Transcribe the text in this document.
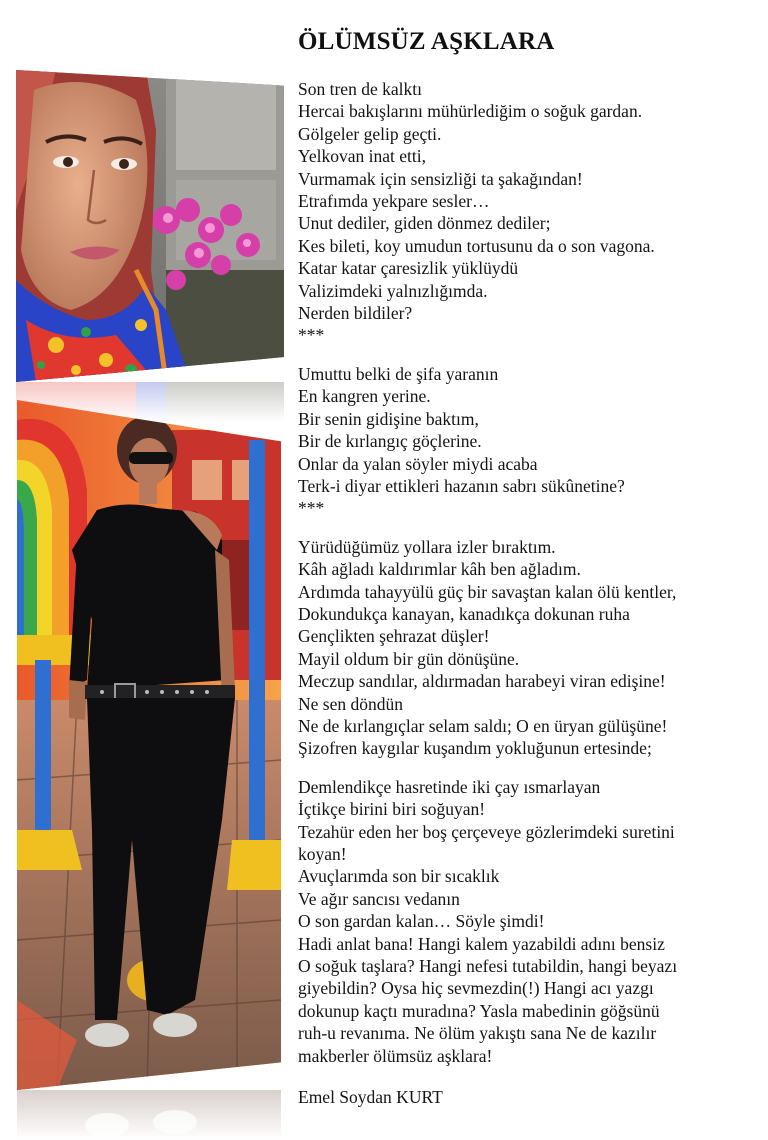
ÖLÜMSÜZ AŞKLARA
Son tren de kalktı
Hercai bakışlarını mühürlediğim o soğuk gardan.
Gölgeler gelip geçti.
Yelkovan inat etti,
Vurmamak için sensizliği ta şakağından!
Etrafımda yekpare sesler…
Unut dediler, giden dönmez dediler;
Kes bileti, koy umudun tortusunu da o son vagona.
Katar katar çaresizlik yüklüydü
Valizimdeki yalnızlığımda.
Nerden bildiler?
***
Umuttu belki de şifa yaranın
En kangren yerine.
Bir senin gidişine baktım,
Bir de kırlangıç göçlerine.
Onlar da yalan söyler miydi acaba
Terk-i diyar ettikleri hazanın sabrı sükûnetine?
***
Yürüdüğümüz yollara izler bıraktım.
Kâh ağladı kaldırımlar kâh ben ağladım.
Ardımda tahayyülü güç bir savaştan kalan ölü kentler,
Dokundukça kanayan, kanadıkça dokunan ruha
Gençlikten şehrazat düşler!
Mayil oldum bir gün dönüşüne.
Meczup sandılar, aldırmadan harabeyi viran edişine!
Ne sen döndün
Ne de kırlangıçlar selam saldı; O en üryan gülüşüne!
Şizofren kaygılar kuşandım yokluğunun ertesinde;
Demlendikçe hasretinde iki çay ısmarlayan
İçtikçe birini biri soğuyan!
Tezahür eden her boş çerçeveye gözlerimdeki suretini
koyan!
Avuçlarımda son bir sıcaklık
Ve ağır sancısı vedanın
O son gardan kalan… Söyle şimdi!
Hadi anlat bana! Hangi kalem yazabildi adını bensiz
O soğuk taşlara? Hangi nefesi tutabildin, hangi beyazı
giyebildin? Oysa hiç sevmezdin(!) Hangi acı yazgı
dokunup kaçtı muradına? Yasla mabedinin göğsünü
ruh-u revanıma. Ne ölüm yakıştı sana Ne de kazılır
makberler ölümsüz aşklara!
Emel Soydan KURT
